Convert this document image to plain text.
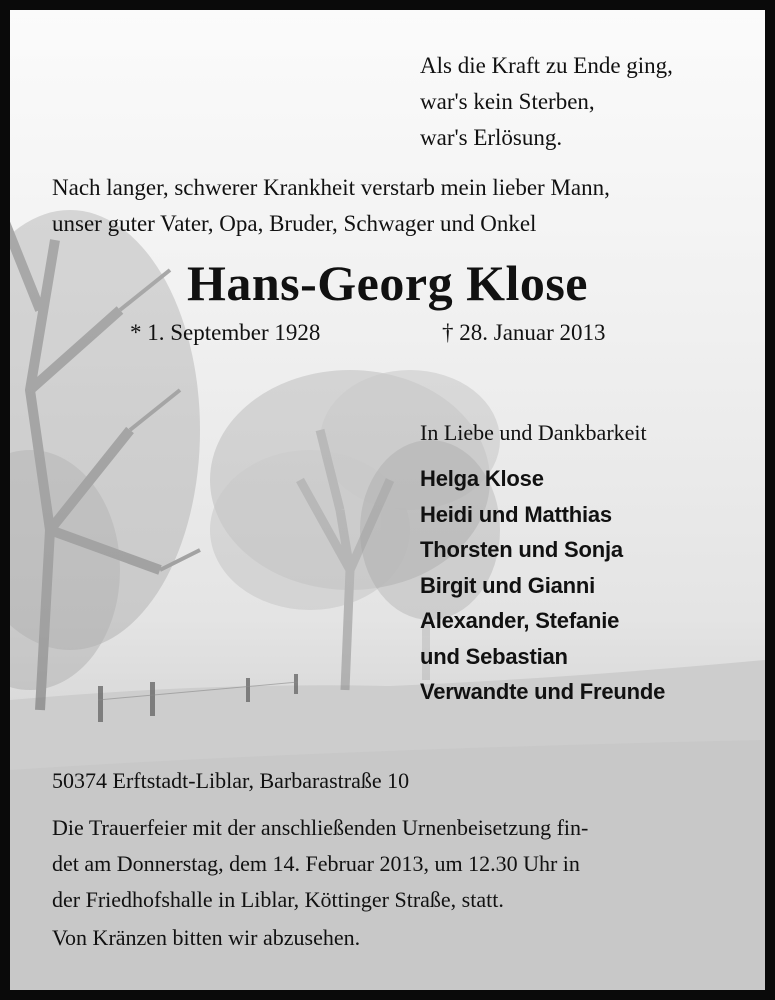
Als die Kraft zu Ende ging,
war's kein Sterben,
war's Erlösung.
Nach langer, schwerer Krankheit verstarb mein lieber Mann,
unser guter Vater, Opa, Bruder, Schwager und Onkel
Hans-Georg Klose
* 1. September 1928	† 28. Januar 2013
In Liebe und Dankbarkeit
Helga Klose
Heidi und Matthias
Thorsten und Sonja
Birgit und Gianni
Alexander, Stefanie
und Sebastian
Verwandte und Freunde
50374 Erftstadt-Liblar, Barbarastraße 10
Die Trauerfeier mit der anschließenden Urnenbeisetzung fin-
det am Donnerstag, dem 14. Februar 2013, um 12.30 Uhr in
der Friedhofshalle in Liblar, Köttinger Straße, statt.
Von Kränzen bitten wir abzusehen.
